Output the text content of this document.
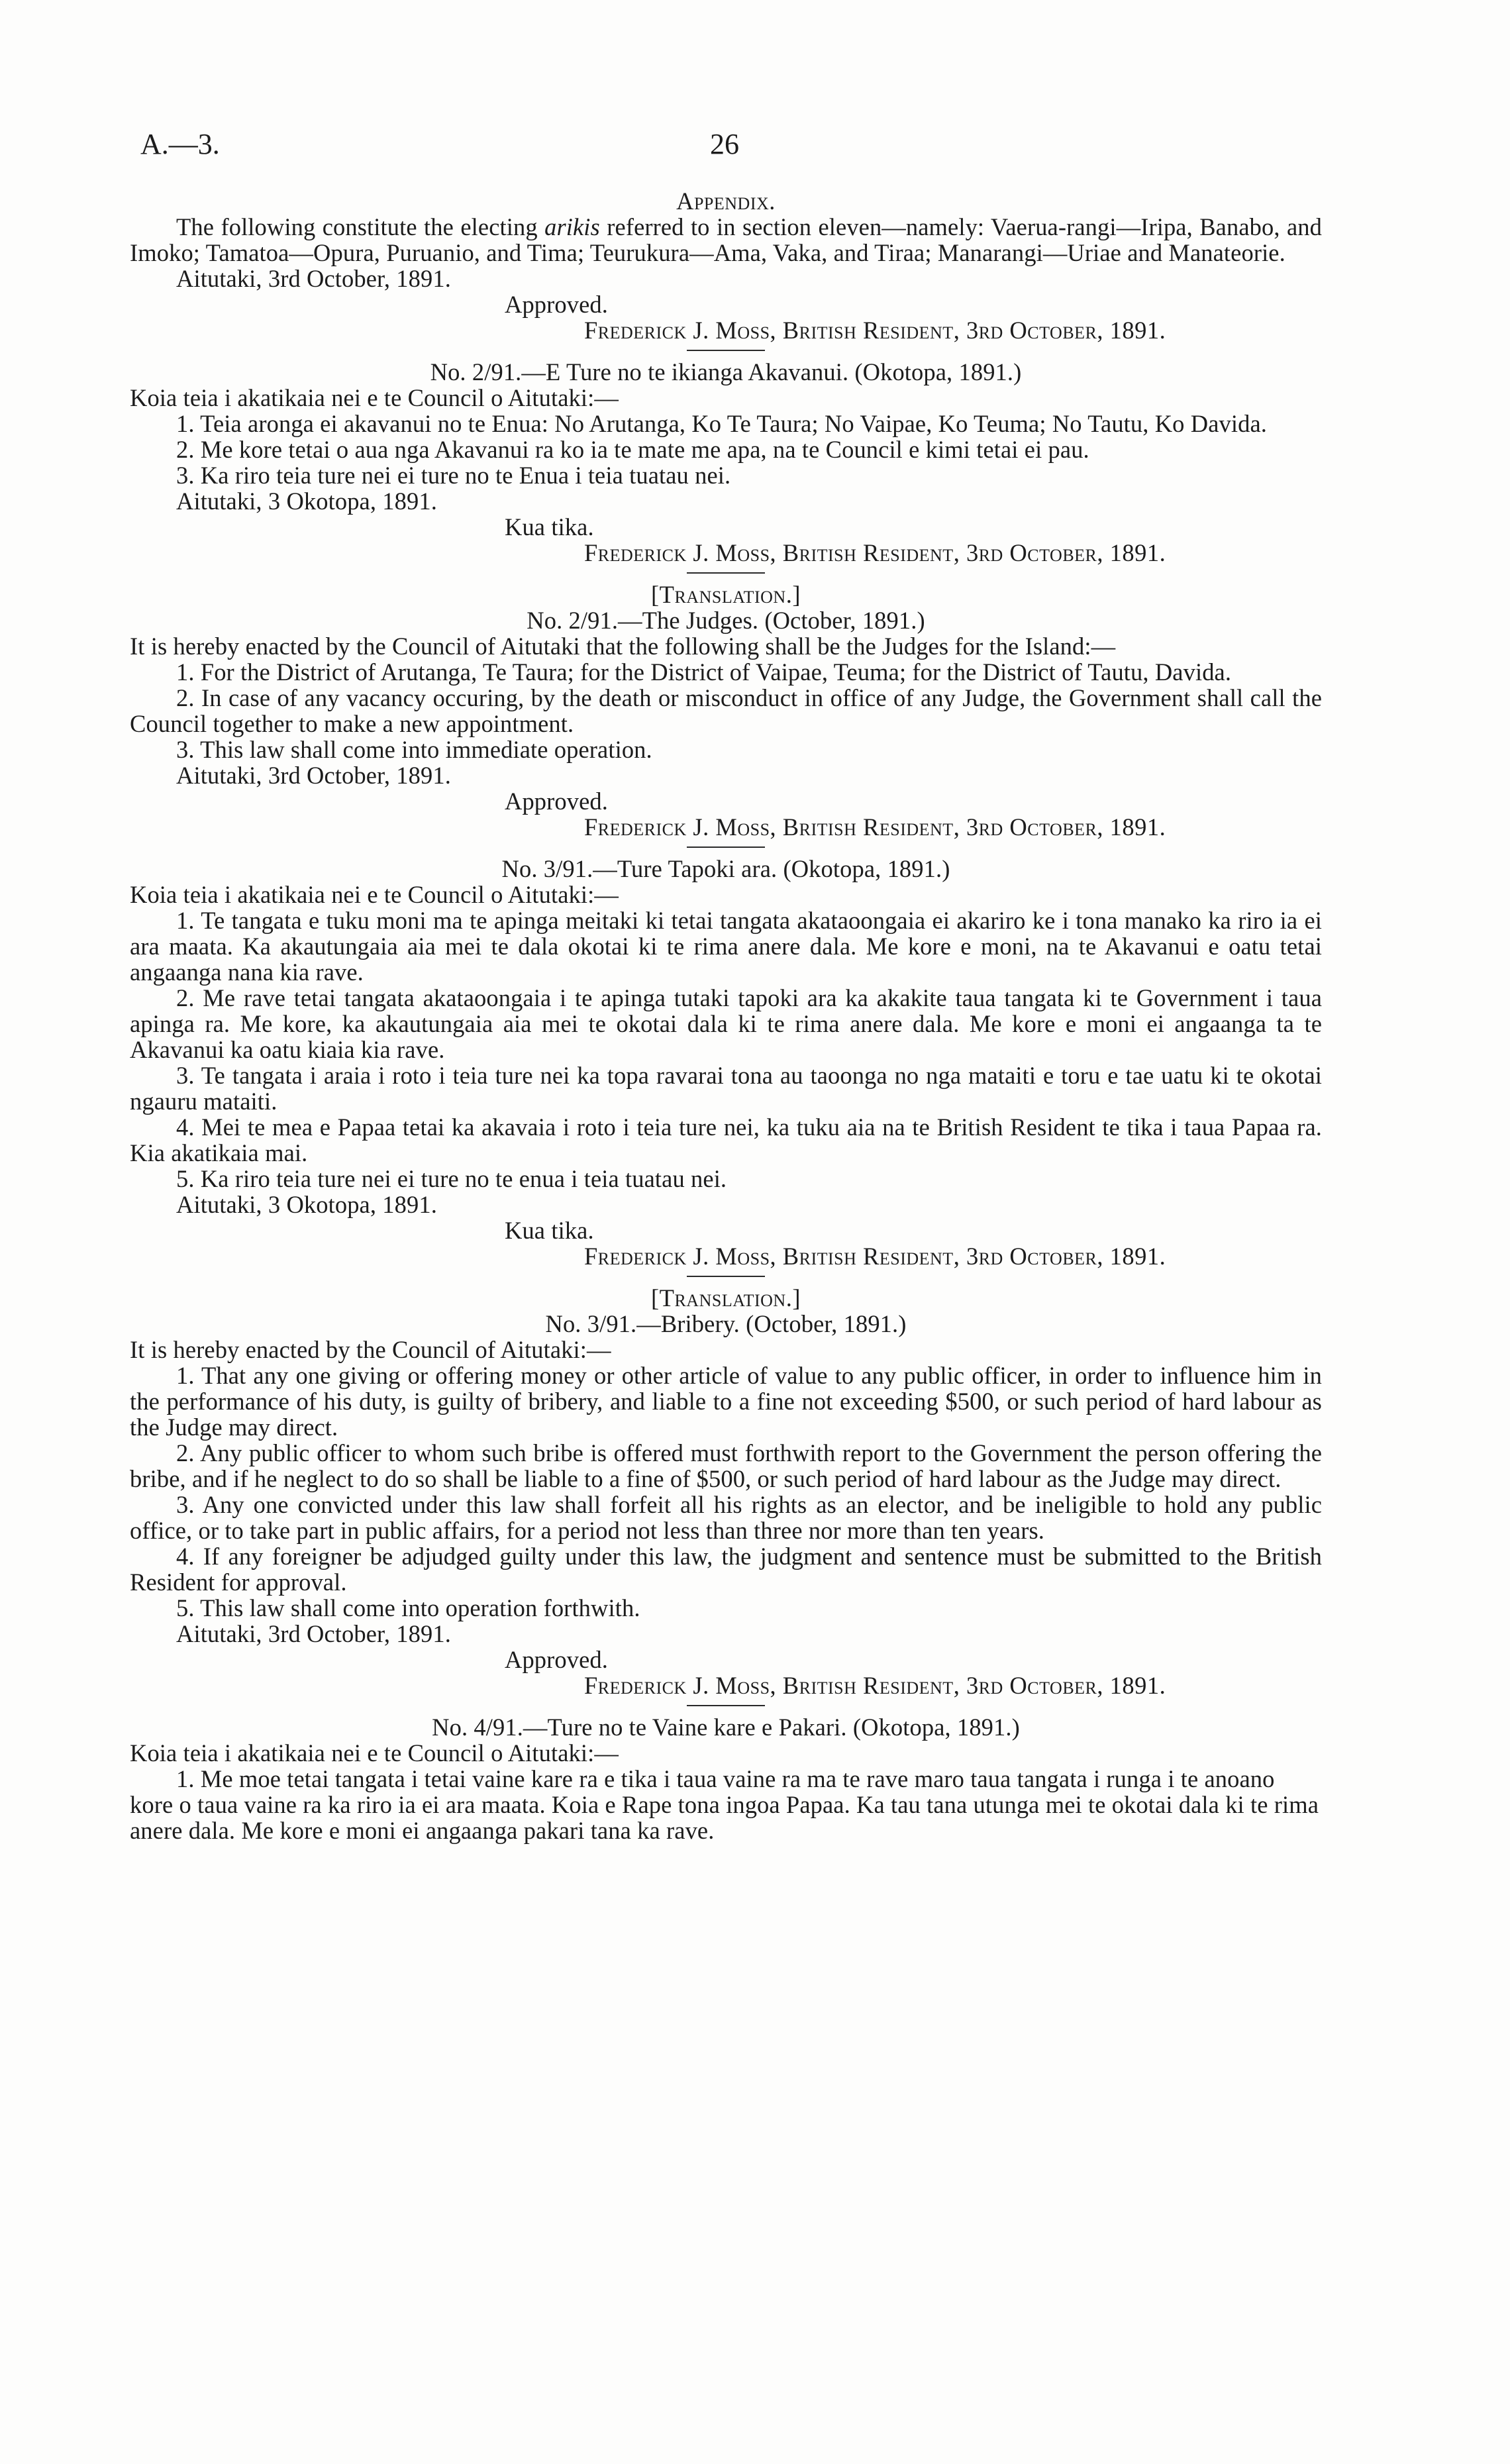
A.—3.	26

Appendix.

The following constitute the electing arikis referred to in section eleven—namely: Vaerua-rangi—Iripa, Banabo, and Imoko; Tamatoa—Opura, Puruanio, and Tima; Teurukura—Ama, Vaka, and Tiraa; Manarangi—Uriae and Manateorie.

Aitutaki, 3rd October, 1891.

Approved.

Frederick J. Moss, British Resident, 3rd October, 1891.

No. 2/91.—E Ture no te ikianga Akavanui. (Okotopa, 1891.)

Koia teia i akatikaia nei e te Council o Aitutaki:—

1. Teia aronga ei akavanui no te Enua: No Arutanga, Ko Te Taura; No Vaipae, Ko Teuma; No Tautu, Ko Davida.

2. Me kore tetai o aua nga Akavanui ra ko ia te mate me apa, na te Council e kimi tetai ei pau.

3. Ka riro teia ture nei ei ture no te Enua i teia tuatau nei.

Aitutaki, 3 Okotopa, 1891.

Kua tika.

Frederick J. Moss, British Resident, 3rd October, 1891.

[Translation.]

No. 2/91.—The Judges. (October, 1891.)

It is hereby enacted by the Council of Aitutaki that the following shall be the Judges for the Island:—

1. For the District of Arutanga, Te Taura; for the District of Vaipae, Teuma; for the District of Tautu, Davida.

2. In case of any vacancy occuring, by the death or misconduct in office of any Judge, the Government shall call the Council together to make a new appointment.

3. This law shall come into immediate operation.

Aitutaki, 3rd October, 1891.

Approved.

Frederick J. Moss, British Resident, 3rd October, 1891.

No. 3/91.—Ture Tapoki ara. (Okotopa, 1891.)

Koia teia i akatikaia nei e te Council o Aitutaki:—

1. Te tangata e tuku moni ma te apinga meitaki ki tetai tangata akataoongaia ei akariro ke i tona manako ka riro ia ei ara maata. Ka akautungaia aia mei te dala okotai ki te rima anere dala. Me kore e moni, na te Akavanui e oatu tetai angaanga nana kia rave.

2. Me rave tetai tangata akataoongaia i te apinga tutaki tapoki ara ka akakite taua tangata ki te Government i taua apinga ra. Me kore, ka akautungaia aia mei te okotai dala ki te rima anere dala. Me kore e moni ei angaanga ta te Akavanui ka oatu kiaia kia rave.

3. Te tangata i araia i roto i teia ture nei ka topa ravarai tona au taoonga no nga mataiti e toru e tae uatu ki te okotai ngauru mataiti.

4. Mei te mea e Papaa tetai ka akavaia i roto i teia ture nei, ka tuku aia na te British Resident te tika i taua Papaa ra. Kia akatikaia mai.

5. Ka riro teia ture nei ei ture no te enua i teia tuatau nei.

Aitutaki, 3 Okotopa, 1891.

Kua tika.

Frederick J. Moss, British Resident, 3rd October, 1891.

[Translation.]

No. 3/91.—Bribery. (October, 1891.)

It is hereby enacted by the Council of Aitutaki:—

1. That any one giving or offering money or other article of value to any public officer, in order to influence him in the performance of his duty, is guilty of bribery, and liable to a fine not exceeding $500, or such period of hard labour as the Judge may direct.

2. Any public officer to whom such bribe is offered must forthwith report to the Government the person offering the bribe, and if he neglect to do so shall be liable to a fine of $500, or such period of hard labour as the Judge may direct.

3. Any one convicted under this law shall forfeit all his rights as an elector, and be ineligible to hold any public office, or to take part in public affairs, for a period not less than three nor more than ten years.

4. If any foreigner be adjudged guilty under this law, the judgment and sentence must be submitted to the British Resident for approval.

5. This law shall come into operation forthwith.

Aitutaki, 3rd October, 1891.

Approved.

Frederick J. Moss, British Resident, 3rd October, 1891.

No. 4/91.—Ture no te Vaine kare e Pakari. (Okotopa, 1891.)

Koia teia i akatikaia nei e te Council o Aitutaki:—

1. Me moe tetai tangata i tetai vaine kare ra e tika i taua vaine ra ma te rave maro taua tangata i runga i te anoano kore o taua vaine ra ka riro ia ei ara maata. Koia e Rape tona ingoa Papaa. Ka tau tana utunga mei te okotai dala ki te rima anere dala. Me kore e moni ei angaanga pakari tana ka rave.
